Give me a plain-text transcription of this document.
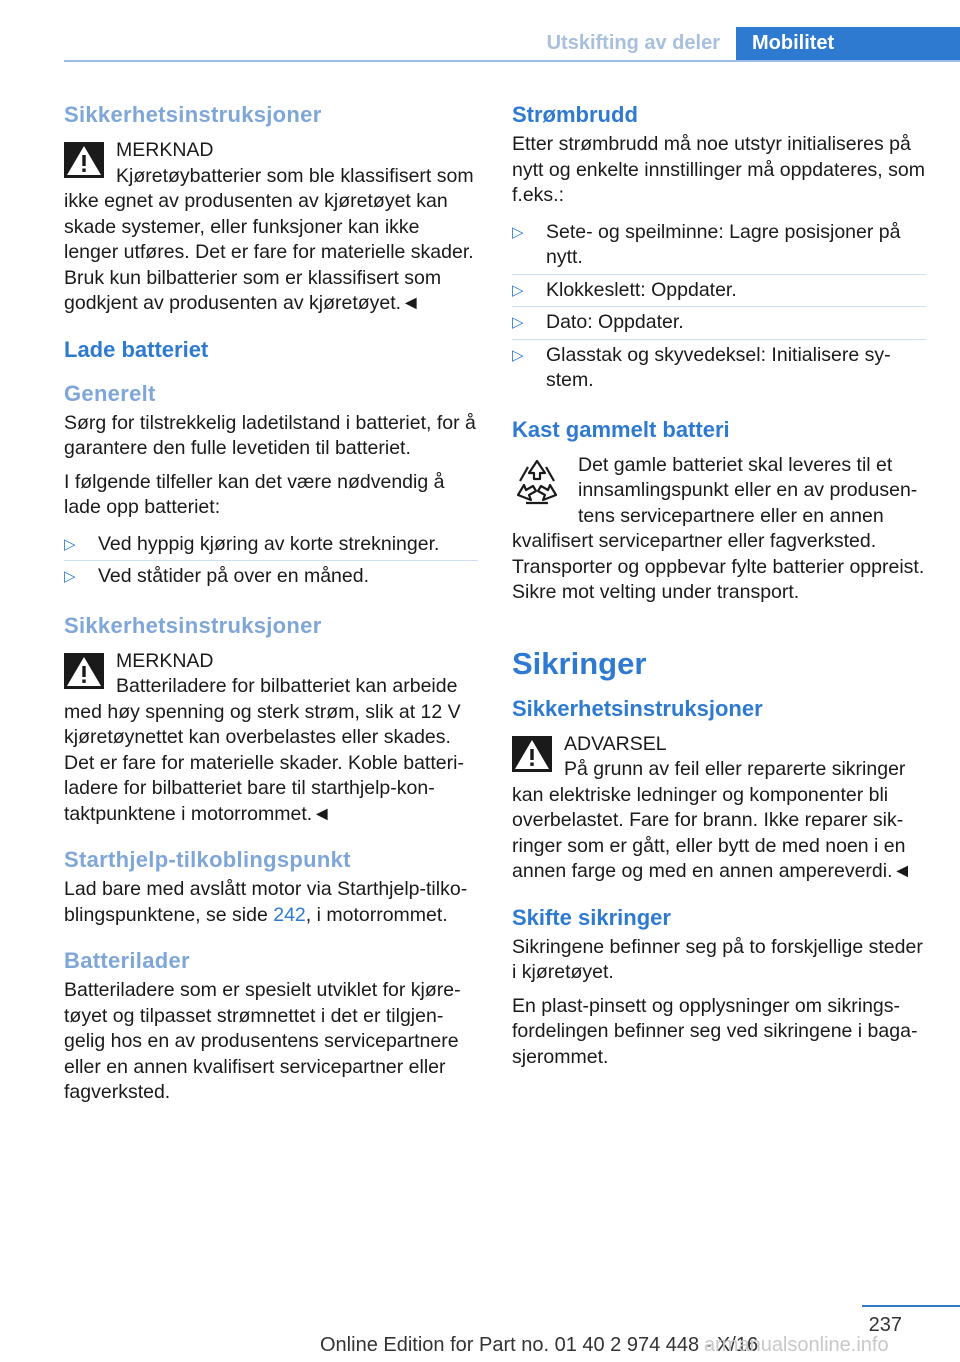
Utskifting av deler	Mobilitet
Sikkerhetsinstruksjoner
MERKNAD
Kjøretøybatterier som ble klassifisert som ikke egnet av produsenten av kjøretøyet kan skade systemer, eller funksjoner kan ikke lenger utføres. Det er fare for materielle skader. Bruk kun bilbatterier som er klassifisert som godkjent av produsenten av kjøretøyet.◄
Lade batteriet
Generelt

Sørg for tilstrekkelig ladetilstand i batteriet, for å garantere den fulle levetiden til batteriet.

I følgende tilfeller kan det være nødvendig å lade opp batteriet:

▷ Ved hyppig kjøring av korte strekninger.
▷ Ved ståtider på over en måned.
Sikkerhetsinstruksjoner
MERKNAD
Batteriladere for bilbatteriet kan arbeide med høy spenning og sterk strøm, slik at 12 V kjøretøynettet kan overbelastes eller skades. Det er fare for materielle skader. Koble batteriladere for bilbatteriet bare til starthjelp-kontaktpunktene i motorrommet.◄
Starthjelp-tilkoblingspunkt

Lad bare med avslått motor via Starthjelp-tilkoblingspunktene, se side 242, i motorrommet.

Batterilader

Batteriladere som er spesielt utviklet for kjøretøyet og tilpasset strømnettet i det er tilgjengelig hos en av produsentens servicepartnere eller en annen kvalifisert servicepartner eller fagverksted.

Strømbrudd

Etter strømbrudd må noe utstyr initialiseres på nytt og enkelte innstillinger må oppdateres, som f.eks.:

▷ Sete- og speilminne: Lagre posisjoner på nytt.
▷ Klokkeslett: Oppdater.
▷ Dato: Oppdater.
▷ Glasstak og skyvedeksel: Initialisere system.
Kast gammelt batteri
Det gamle batteriet skal leveres til et innsamlingspunkt eller en av produsentens servicepartnere eller en annen kvalifisert servicepartner eller fagverksted.

Transporter og oppbevar fylte batterier oppreist. Sikre mot velting under transport.

Sikringer
Sikkerhetsinstruksjoner
ADVARSEL
På grunn av feil eller reparerte sikringer kan elektriske ledninger og komponenter bli overbelastet. Fare for brann. Ikke reparer sikringer som er gått, eller bytt de med noen i en annen farge og med en annen ampereverdi.◄
Skifte sikringer

Sikringene befinner seg på to forskjellige steder i kjøretøyet.

En plast-pinsett og opplysninger om sikringsfordelingen befinner seg ved sikringene i bagasjerommet.

237
Online Edition for Part no. 01 40 2 974 448 - X/16
armanualsonline.info
